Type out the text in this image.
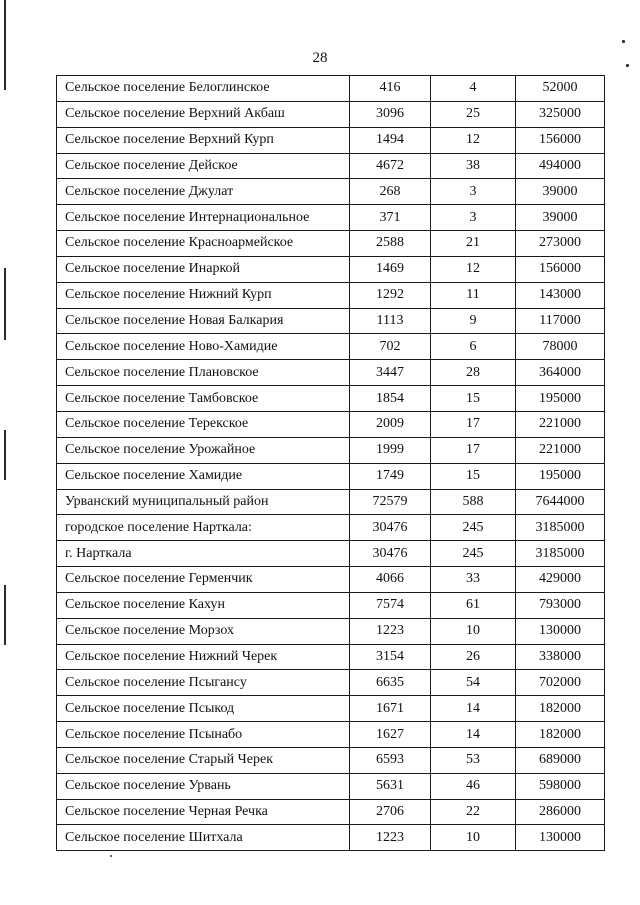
28
Сельское поселение Белоглинское	416	4	52000
Сельское поселение Верхний Акбаш	3096	25	325000
Сельское поселение Верхний Курп	1494	12	156000
Сельское поселение Дейское	4672	38	494000
Сельское поселение Джулат	268	3	39000
Сельское поселение Интернациональное	371	3	39000
Сельское поселение Красноармейское	2588	21	273000
Сельское поселение Инаркой	1469	12	156000
Сельское поселение Нижний Курп	1292	11	143000
Сельское поселение Новая Балкария	1113	9	117000
Сельское поселение Ново-Хамидие	702	6	78000
Сельское поселение Плановское	3447	28	364000
Сельское поселение Тамбовское	1854	15	195000
Сельское поселение Терекское	2009	17	221000
Сельское поселение Урожайное	1999	17	221000
Сельское поселение Хамидие	1749	15	195000
Урванский муниципальный район	72579	588	7644000
городское поселение Нарткала:	30476	245	3185000
г. Нарткала	30476	245	3185000
Сельское поселение Герменчик	4066	33	429000
Сельское поселение Кахун	7574	61	793000
Сельское поселение Морзох	1223	10	130000
Сельское поселение Нижний Черек	3154	26	338000
Сельское поселение Псыгансу	6635	54	702000
Сельское поселение Псыкод	1671	14	182000
Сельское поселение Псынабо	1627	14	182000
Сельское поселение Старый Черек	6593	53	689000
Сельское поселение Урвань	5631	46	598000
Сельское поселение Черная Речка	2706	22	286000
Сельское поселение Шитхала	1223	10	130000
